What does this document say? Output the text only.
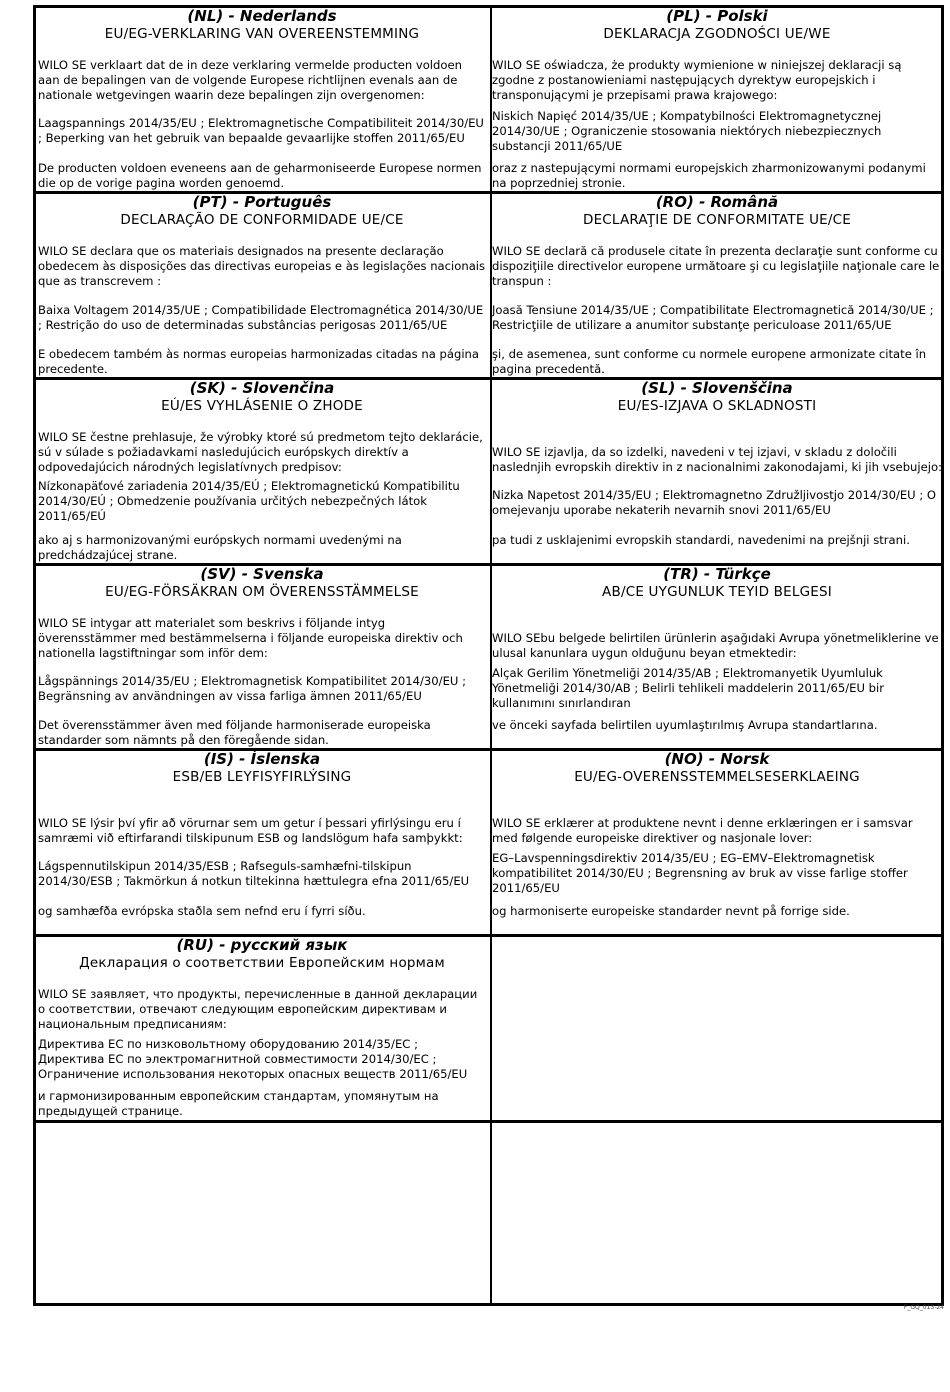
(NL) - Nederlands
EU/EG-VERKLARING VAN OVEREENSTEMMING
WILO SE verklaart dat de in deze verklaring vermelde producten voldoen aan de bepalingen van de volgende Europese richtlijnen evenals aan de nationale wetgevingen waarin deze bepalingen zijn overgenomen:
Laagspannings 2014/35/EU ; Elektromagnetische Compatibiliteit 2014/30/EU ; Beperking van het gebruik van bepaalde gevaarlijke stoffen 2011/65/EU
De producten voldoen eveneens aan de geharmoniseerde Europese normen die op de vorige pagina worden genoemd.
(PL) - Polski
DEKLARACJA ZGODNOŚCI UE/WE
WILO SE oświadcza, że produkty wymienione w niniejszej deklaracji są zgodne z postanowieniami następujących dyrektyw europejskich i transponującymi je przepisami prawa krajowego:
Niskich Napięć 2014/35/UE ; Kompatybilności Elektromagnetycznej 2014/30/UE ; Ograniczenie stosowania niektórych niebezpiecznych substancji 2011/65/UE
oraz z nastepującymi normami europejskich zharmonizowanymi podanymi na poprzedniej stronie.
(PT) - Português
DECLARAÇÃO DE CONFORMIDADE UE/CE
WILO SE declara que os materiais designados na presente declaração obedecem às disposições das directivas europeias e às legislações nacionais que as transcrevem :
Baixa Voltagem 2014/35/UE ; Compatibilidade Electromagnética 2014/30/UE ; Restrição do uso de determinadas substâncias perigosas 2011/65/UE
E obedecem também às normas europeias harmonizadas citadas na página precedente.
(RO) - Română
DECLARAŢIE DE CONFORMITATE UE/CE
WILO SE declară că produsele citate în prezenta declaraţie sunt conforme cu dispoziţiile directivelor europene următoare şi cu legislaţiile naţionale care le transpun :
Joasă Tensiune 2014/35/UE ; Compatibilitate Electromagnetică 2014/30/UE ; Restricţiile de utilizare a anumitor substanţe periculoase 2011/65/UE
şi, de asemenea, sunt conforme cu normele europene armonizate citate în pagina precedentă.
(SK) - Slovenčina
EÚ/ES VYHLÁSENIE O ZHODE
WILO SE čestne prehlasuje, že výrobky ktoré sú predmetom tejto deklarácie, sú v súlade s požiadavkami nasledujúcich európskych direktív a odpovedajúcich národných legislatívnych predpisov:
Nízkonapäťové zariadenia 2014/35/EÚ ; Elektromagnetickú Kompatibilitu 2014/30/EÚ ; Obmedzenie používania určitých nebezpečných látok 2011/65/EÚ
ako aj s harmonizovanými európskych normami uvedenými na predchádzajúcej strane.
(SL) - Slovenščina
EU/ES-IZJAVA O SKLADNOSTI
WILO SE izjavlja, da so izdelki, navedeni v tej izjavi, v skladu z določili naslednjih evropskih direktiv in z nacionalnimi zakonodajami, ki jih vsebujejo:
Nizka Napetost 2014/35/EU ; Elektromagnetno Združljivostjo 2014/30/EU ; O omejevanju uporabe nekaterih nevarnih snovi 2011/65/EU
pa tudi z usklajenimi evropskih standardi, navedenimi na prejšnji strani.
(SV) - Svenska
EU/EG-FÖRSÄKRAN OM ÖVERENSSTÄMMELSE
WILO SE intygar att materialet som beskrivs i följande intyg överensstämmer med bestämmelserna i följande europeiska direktiv och nationella lagstiftningar som inför dem:
Lågspännings 2014/35/EU ; Elektromagnetisk Kompatibilitet 2014/30/EU ; Begränsning av användningen av vissa farliga ämnen 2011/65/EU
Det överensstämmer även med följande harmoniserade europeiska standarder som nämnts på den föregående sidan.
(TR) - Türkçe
AB/CE UYGUNLUK TEYID BELGESI
WILO SEbu belgede belirtilen ürünlerin aşağıdaki Avrupa yönetmeliklerine ve ulusal kanunlara uygun olduğunu beyan etmektedir:
Alçak Gerilim Yönetmeliği 2014/35/AB ; Elektromanyetik Uyumluluk Yönetmeliği 2014/30/AB ; Belirli tehlikeli maddelerin 2011/65/EU bir kullanımını sınırlandıran
ve önceki sayfada belirtilen uyumlaştırılmış Avrupa standartlarına.
(IS) - Íslenska
ESB/EB LEYFISYFIRLÝSING
WILO SE lýsir því yfir að vörurnar sem um getur í þessari yfirlýsingu eru í samræmi við eftirfarandi tilskipunum ESB og landslögum hafa samþykkt:
Lágspennutilskipun 2014/35/ESB ; Rafseguls-samhæfni-tilskipun 2014/30/ESB ; Takmörkun á notkun tiltekinna hættulegra efna 2011/65/EU
og samhæfða evrópska staðla sem nefnd eru í fyrri síðu.
(NO) - Norsk
EU/EG-OVERENSSTEMMELSESERKLAEING
WILO SE erklærer at produktene nevnt i denne erklæringen er i samsvar med følgende europeiske direktiver og nasjonale lover:
EG–Lavspenningsdirektiv 2014/35/EU ; EG–EMV–Elektromagnetisk kompatibilitet 2014/30/EU ; Begrensning av bruk av visse farlige stoffer 2011/65/EU
og harmoniserte europeiske standarder nevnt på forrige side.
(RU) - русский язык
Декларация о соответствии Европейским нормам
WILO SE заявляет, что продукты, перечисленные в данной декларации о соответствии, отвечают следующим европейским директивам и национальным предписаниям:
Директива ЕС по низковольтному оборудованию 2014/35/ЕС ; Директива ЕС по электромагнитной совместимости 2014/30/ЕС ; Ограничение использования некоторых опасных веществ 2011/65/EU
и гармонизированным европейским стандартам, упомянутым на предыдущей странице.
F_GQ_013-24
